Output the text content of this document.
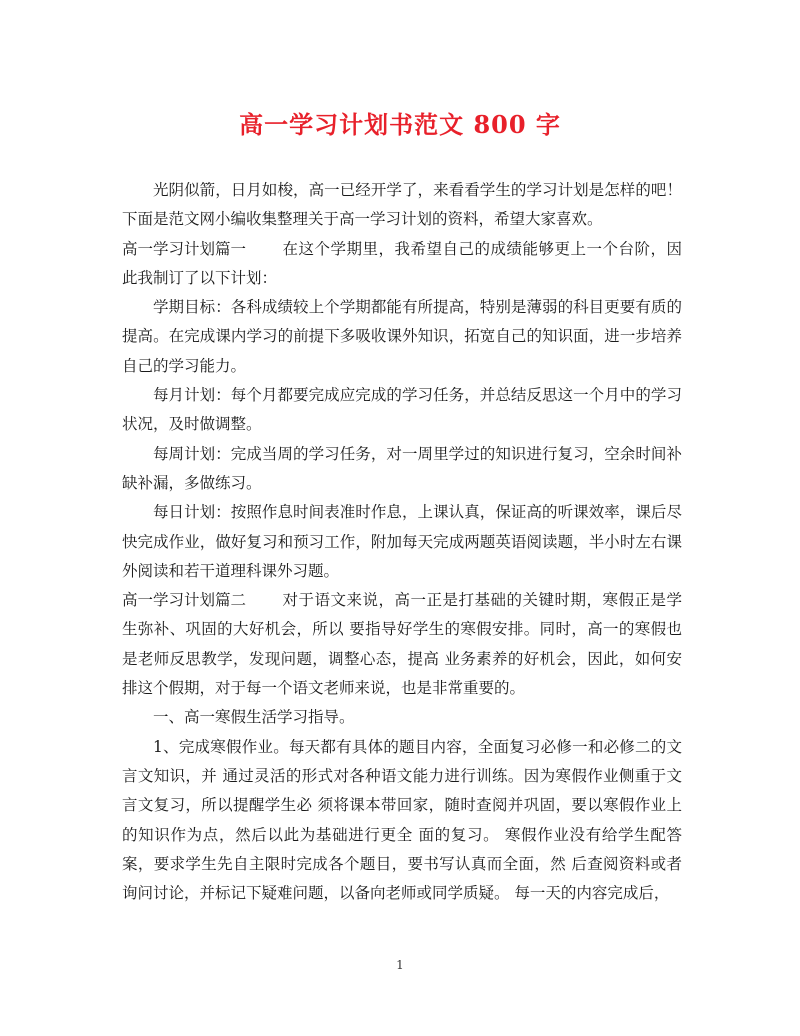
高一学习计划书范文 800 字

光阴似箭，日月如梭，高一已经开学了，来看看学生的学习计划是怎样的吧！下面是范文网小编收集整理关于高一学习计划的资料，希望大家喜欢。

高一学习计划篇一 在这个学期里，我希望自己的成绩能够更上一个台阶，因此我制订了以下计划：

学期目标：各科成绩较上个学期都能有所提高，特别是薄弱的科目更要有质的提高。在完成课内学习的前提下多吸收课外知识，拓宽自己的知识面，进一步培养自己的学习能力。

每月计划：每个月都要完成应完成的学习任务，并总结反思这一个月中的学习状况，及时做调整。

每周计划：完成当周的学习任务，对一周里学过的知识进行复习，空余时间补缺补漏，多做练习。

每日计划：按照作息时间表准时作息，上课认真，保证高的听课效率，课后尽快完成作业，做好复习和预习工作，附加每天完成两题英语阅读题，半小时左右课外阅读和若干道理科课外习题。

高一学习计划篇二 对于语文来说，高一正是打基础的关键时期，寒假正是学生弥补、巩固的大好机会，所以 要指导好学生的寒假安排。同时，高一的寒假也是老师反思教学，发现问题，调整心态，提高 业务素养的好机会，因此，如何安排这个假期，对于每一个语文老师来说，也是非常重要的。

一、高一寒假生活学习指导。

1、完成寒假作业。每天都有具体的题目内容，全面复习必修一和必修二的文言文知识，并 通过灵活的形式对各种语文能力进行训练。因为寒假作业侧重于文言文复习，所以提醒学生必 须将课本带回家，随时查阅并巩固，要以寒假作业上的知识作为点，然后以此为基础进行更全 面的复习。 寒假作业没有给学生配答案，要求学生先自主限时完成各个题目，要书写认真而全面，然 后查阅资料或者询问讨论，并标记下疑难问题，以备向老师或同学质疑。 每一天的内容完成后，

1
